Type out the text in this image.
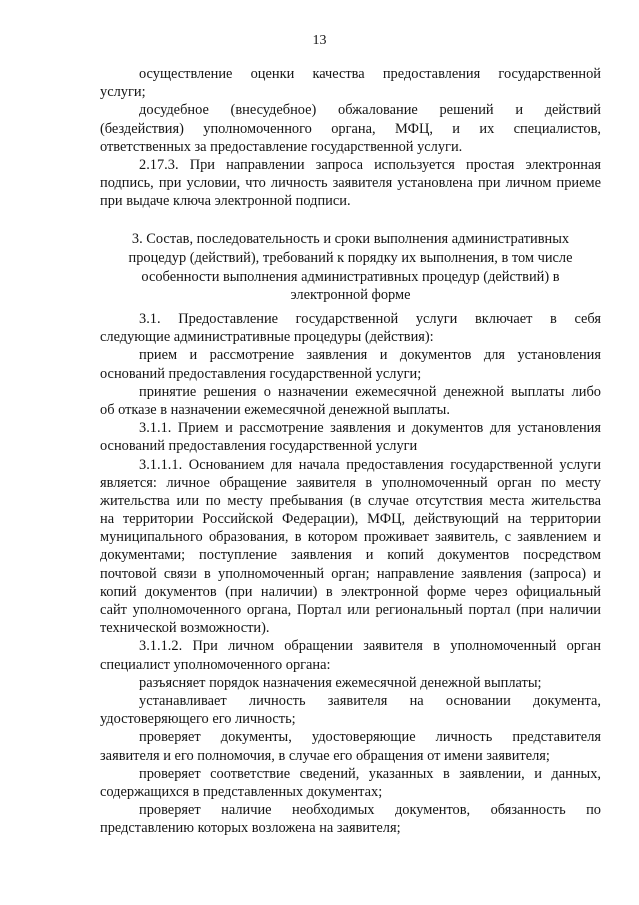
13
осуществление оценки качества предоставления государственной
услуги;
досудебное (внесудебное) обжалование решений и действий
(бездействия) уполномоченного органа, МФЦ, и их специалистов,
ответственных за предоставление государственной услуги.
2.17.3. При направлении запроса используется простая электронная
подпись, при условии, что личность заявителя установлена при личном приеме
при выдаче ключа электронной подписи.
3. Состав, последовательность и сроки выполнения административных
процедур (действий), требований к порядку их выполнения, в том числе
особенности выполнения административных процедур (действий) в
электронной форме
3.1. Предоставление государственной услуги включает в себя
следующие административные процедуры (действия):
прием и рассмотрение заявления и документов для установления
оснований предоставления государственной услуги;
принятие решения о назначении ежемесячной денежной выплаты либо
об отказе в назначении ежемесячной денежной выплаты.
3.1.1. Прием и рассмотрение заявления и документов для установления
оснований предоставления государственной услуги
3.1.1.1. Основанием для начала предоставления государственной услуги
является: личное обращение заявителя в уполномоченный орган по месту
жительства или по месту пребывания (в случае отсутствия места жительства
на территории Российской Федерации), МФЦ, действующий на территории
муниципального образования, в котором проживает заявитель, с заявлением и
документами; поступление заявления и копий документов посредством
почтовой связи в уполномоченный орган; направление заявления (запроса) и
копий документов (при наличии) в электронной форме через официальный
сайт уполномоченного органа, Портал или региональный портал (при наличии
технической возможности).
3.1.1.2. При личном обращении заявителя в уполномоченный орган
специалист уполномоченного органа:
разъясняет порядок назначения ежемесячной денежной выплаты;
устанавливает личность заявителя на основании документа,
удостоверяющего его личность;
проверяет документы, удостоверяющие личность представителя
заявителя и его полномочия, в случае его обращения от имени заявителя;
проверяет соответствие сведений, указанных в заявлении, и данных,
содержащихся в представленных документах;
проверяет наличие необходимых документов, обязанность по
представлению которых возложена на заявителя;
